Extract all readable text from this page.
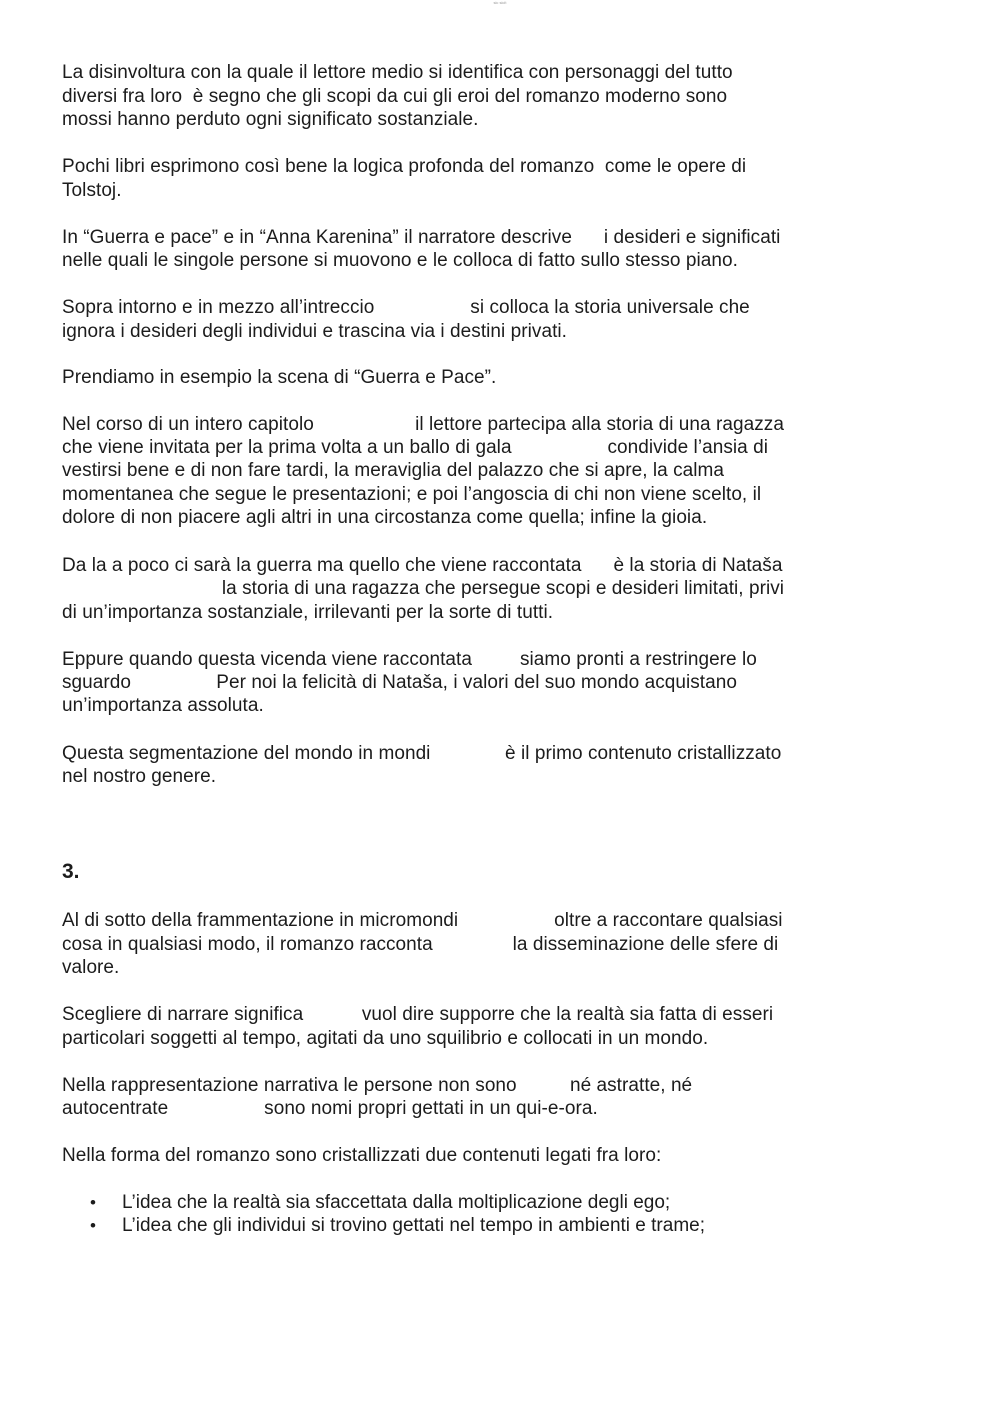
sic sicit
La disinvoltura con la quale il lettore medio si identifica con personaggi del tutto
diversi fra loro  è segno che gli scopi da cui gli eroi del romanzo moderno sono
mossi hanno perduto ogni significato sostanziale.
Pochi libri esprimono così bene la logica profonda del romanzo  come le opere di
Tolstoj.
In “Guerra e pace” e in “Anna Karenina” il narratore descrive      i desideri e significati
nelle quali le singole persone si muovono e le colloca di fatto sullo stesso piano.
Sopra intorno e in mezzo all’intreccio                  si colloca la storia universale che
ignora i desideri degli individui e trascina via i destini privati.
Prendiamo in esempio la scena di “Guerra e Pace”.
Nel corso di un intero capitolo                   il lettore partecipa alla storia di una ragazza
che viene invitata per la prima volta a un ballo di gala                  condivide l’ansia di
vestirsi bene e di non fare tardi, la meraviglia del palazzo che si apre, la calma
momentanea che segue le presentazioni; e poi l’angoscia di chi non viene scelto, il
dolore di non piacere agli altri in una circostanza come quella; infine la gioia.
Da la a poco ci sarà la guerra ma quello che viene raccontata      è la storia di Nataša
la storia di una ragazza che persegue scopi e desideri limitati, privi
di un’importanza sostanziale, irrilevanti per la sorte di tutti.
Eppure quando questa vicenda viene raccontata         siamo pronti a restringere lo
sguardo                Per noi la felicità di Nataša, i valori del suo mondo acquistano
un’importanza assoluta.
Questa segmentazione del mondo in mondi              è il primo contenuto cristallizzato
nel nostro genere.
3.
Al di sotto della frammentazione in micromondi                  oltre a raccontare qualsiasi
cosa in qualsiasi modo, il romanzo racconta               la disseminazione delle sfere di
valore.
Scegliere di narrare significa           vuol dire supporre che la realtà sia fatta di esseri
particolari soggetti al tempo, agitati da uno squilibrio e collocati in un mondo.
Nella rappresentazione narrativa le persone non sono          né astratte, né
autocentrate                  sono nomi propri gettati in un qui-e-ora.
Nella forma del romanzo sono cristallizzati due contenuti legati fra loro:
• L’idea che la realtà sia sfaccettata dalla moltiplicazione degli ego;
• L’idea che gli individui si trovino gettati nel tempo in ambienti e trame;
